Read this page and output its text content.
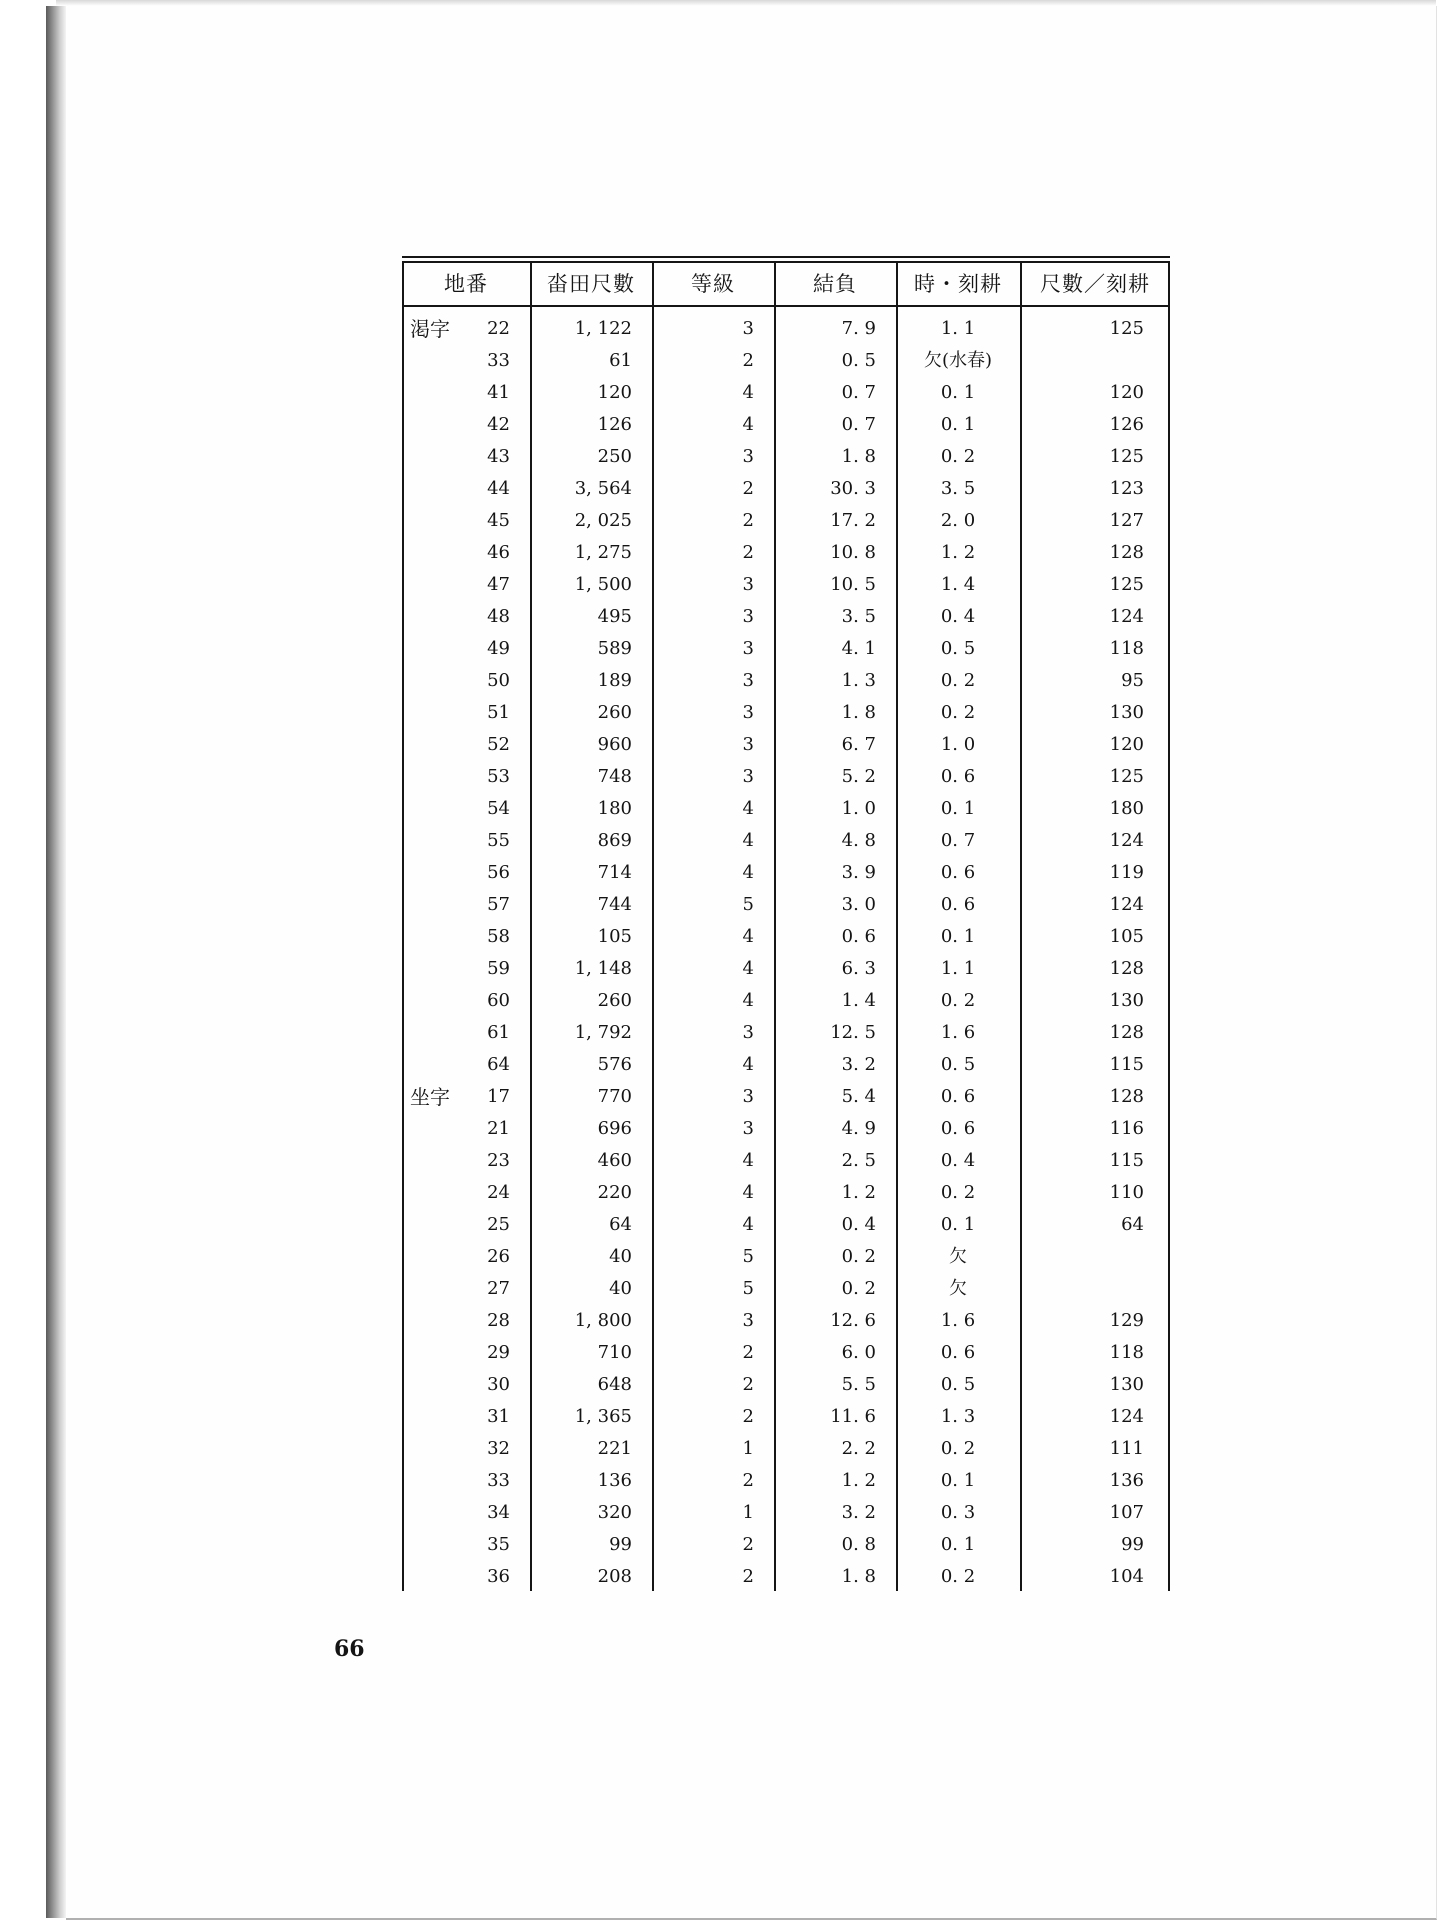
地番	畓田尺數	等級	結負	時・刻耕	尺數／刻耕
渇字	22	1, 122	3	7. 9	1. 1	125
33	61	2	0. 5	欠(水春)
41	120	4	0. 7	0. 1	120
42	126	4	0. 7	0. 1	126
43	250	3	1. 8	0. 2	125
44	3, 564	2	30. 3	3. 5	123
45	2, 025	2	17. 2	2. 0	127
46	1, 275	2	10. 8	1. 2	128
47	1, 500	3	10. 5	1. 4	125
48	495	3	3. 5	0. 4	124
49	589	3	4. 1	0. 5	118
50	189	3	1. 3	0. 2	95
51	260	3	1. 8	0. 2	130
52	960	3	6. 7	1. 0	120
53	748	3	5. 2	0. 6	125
54	180	4	1. 0	0. 1	180
55	869	4	4. 8	0. 7	124
56	714	4	3. 9	0. 6	119
57	744	5	3. 0	0. 6	124
58	105	4	0. 6	0. 1	105
59	1, 148	4	6. 3	1. 1	128
60	260	4	1. 4	0. 2	130
61	1, 792	3	12. 5	1. 6	128
64	576	4	3. 2	0. 5	115
坐字	17	770	3	5. 4	0. 6	128
21	696	3	4. 9	0. 6	116
23	460	4	2. 5	0. 4	115
24	220	4	1. 2	0. 2	110
25	64	4	0. 4	0. 1	64
26	40	5	0. 2	欠
27	40	5	0. 2	欠
28	1, 800	3	12. 6	1. 6	129
29	710	2	6. 0	0. 6	118
30	648	2	5. 5	0. 5	130
31	1, 365	2	11. 6	1. 3	124
32	221	1	2. 2	0. 2	111
33	136	2	1. 2	0. 1	136
34	320	1	3. 2	0. 3	107
35	99	2	0. 8	0. 1	99
36	208	2	1. 8	0. 2	104
66
